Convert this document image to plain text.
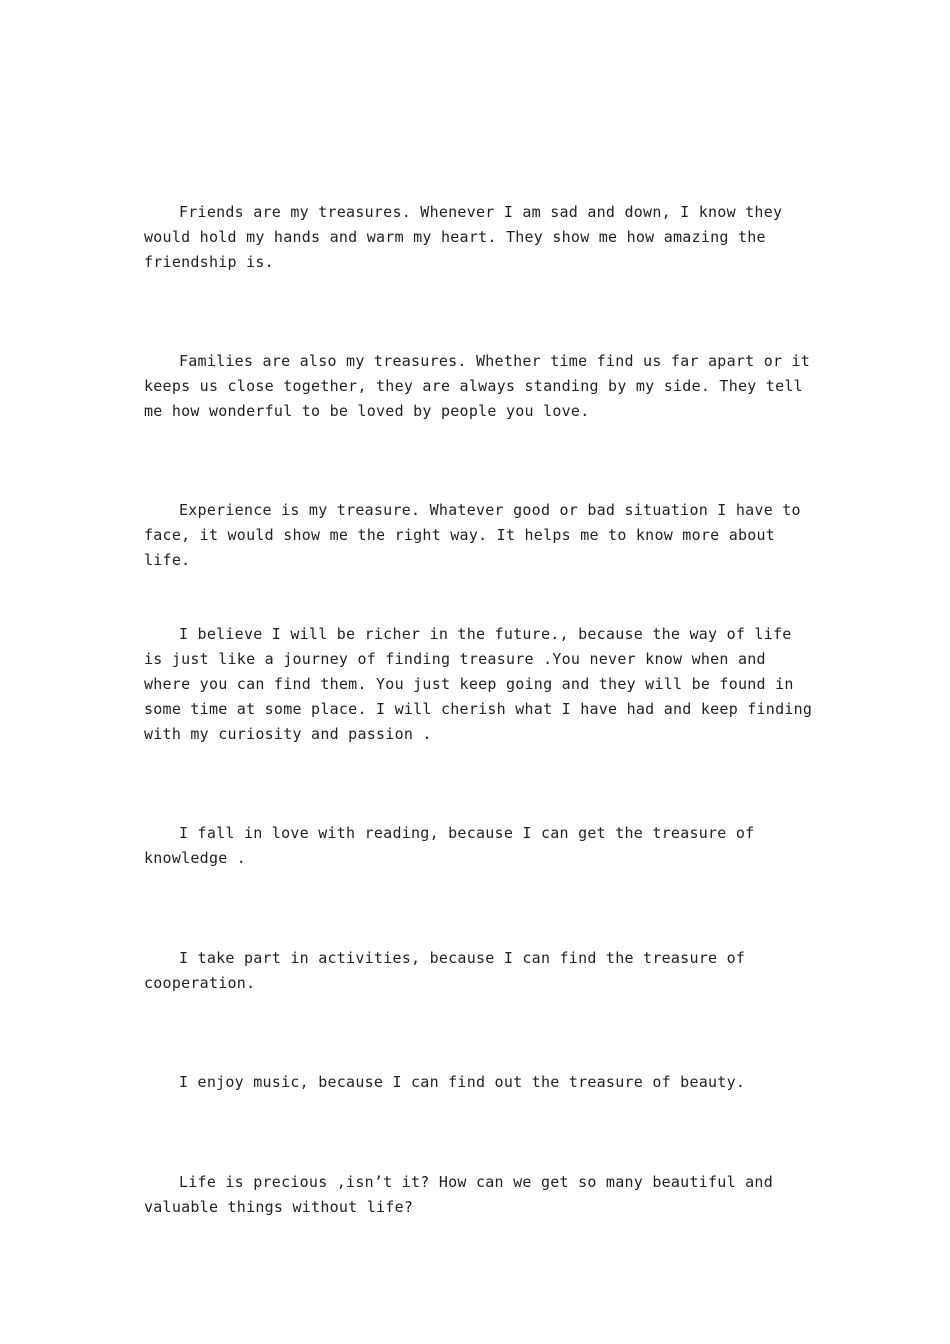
Friends are my treasures. Whenever I am sad and down, I know they would hold my hands and warm my heart. They show me how amazing the friendship is.

Families are also my treasures. Whether time find us far apart or it keeps us close together, they are always standing by my side. They tell me how wonderful to be loved by people you love.

Experience is my treasure. Whatever good or bad situation I have to face, it would show me the right way. It helps me to know more about life.

I believe I will be richer in the future., because the way of life is just like a journey of finding treasure .You never know when and where you can find them. You just keep going and they will be found in some time at some place. I will cherish what I have had and keep finding with my curiosity and passion .

I fall in love with reading, because I can get the treasure of knowledge .

I take part in activities, because I can find the treasure of cooperation.

I enjoy music, because I can find out the treasure of beauty.

Life is precious ,isn’t it? How can we get so many beautiful and valuable things without life?
